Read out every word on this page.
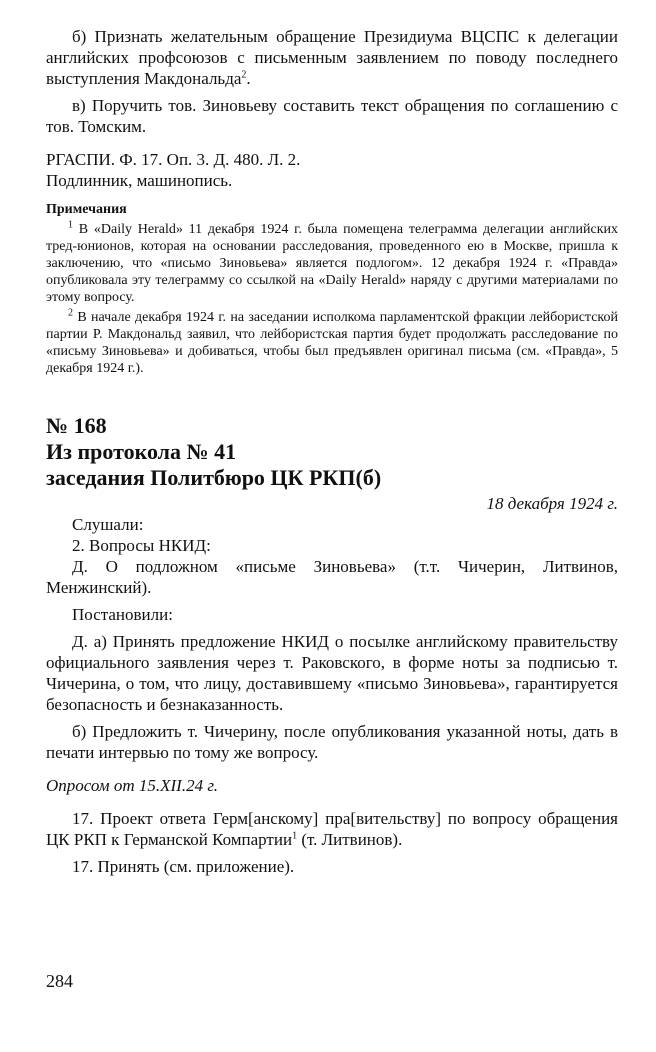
б) Признать желательным обращение Президиума ВЦСПС к делегации английских профсоюзов с письменным заявлением по поводу последнего выступления Макдональда$^2$.

в) Поручить тов. Зиновьеву составить текст обращения по соглашению с тов. Томским.

РГАСПИ. Ф. 17. Оп. 3. Д. 480. Л. 2.

Подлинник, машинопись.

Примечания

$^1$ В «Daily Herald» 11 декабря 1924 г. была помещена телеграмма делегации английских тред-юнионов, которая на основании расследования, проведенного ею в Москве, пришла к заключению, что «письмо Зиновьева» является подлогом». 12 декабря 1924 г. «Правда» опубликовала эту телеграмму со ссылкой на «Daily Herald» наряду с другими материалами по этому вопросу.

$^2$ В начале декабря 1924 г. на заседании исполкома парламентской фракции лейбористской партии Р. Макдональд заявил, что лейбористская партия будет продолжать расследование по «письму Зиновьева» и добиваться, чтобы был предъявлен оригинал письма (см. «Правда», 5 декабря 1924 г.).

№ 168

Из протокола № 41

заседания Политбюро ЦК РКП(б)

18 декабря 1924 г.

Слушали:

2. Вопросы НКИД:

Д. О подложном «письме Зиновьева» (т.т. Чичерин, Литвинов, Менжинский).

Постановили:

Д. а) Принять предложение НКИД о посылке английскому правительству официального заявления через т. Раковского, в форме ноты за подписью т. Чичерина, о том, что лицу, доставившему «письмо Зиновьева», гарантируется безопасность и безнаказанность.

б) Предложить т. Чичерину, после опубликования указанной ноты, дать в печати интервью по тому же вопросу.

Опросом от 15.XII.24 г.

17. Проект ответа Герм[анскому] пра[вительству] по вопросу обращения ЦК РКП к Германской Компартии$^1$ (т. Литвинов).

17. Принять (см. приложение).

284
